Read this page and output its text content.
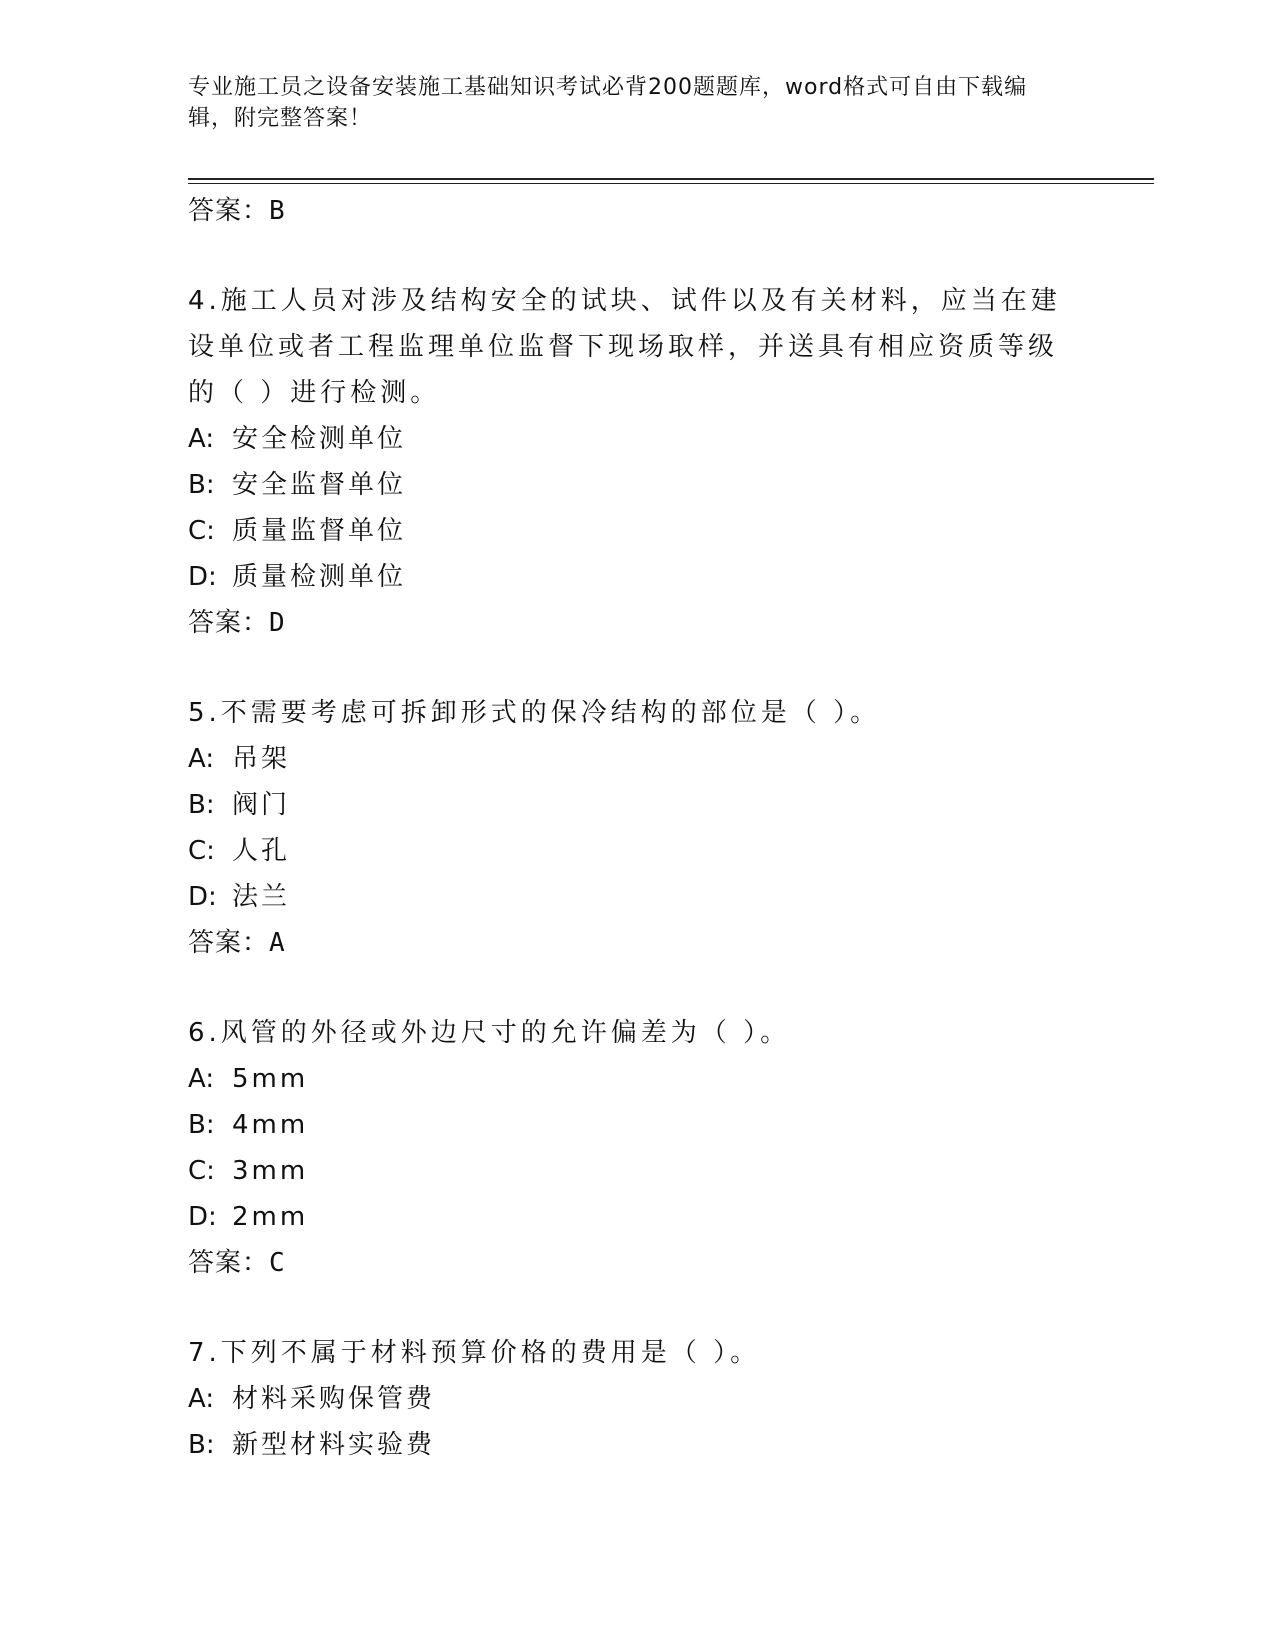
专业施工员之设备安装施工基础知识考试必背200题题库，word格式可自由下载编辑，附完整答案！
答案：B
4.施工人员对涉及结构安全的试块、试件以及有关材料，应当在建设单位或者工程监理单位监督下现场取样，并送具有相应资质等级的（ ）进行检测。
A: 安全检测单位
B: 安全监督单位
C: 质量监督单位
D: 质量检测单位
答案：D
5.不需要考虑可拆卸形式的保冷结构的部位是（ ）。
A: 吊架
B: 阀门
C: 人孔
D: 法兰
答案：A
6.风管的外径或外边尺寸的允许偏差为（ ）。
A: 5mm
B: 4mm
C: 3mm
D: 2mm
答案：C
7.下列不属于材料预算价格的费用是（ ）。
A: 材料采购保管费
B: 新型材料实验费
